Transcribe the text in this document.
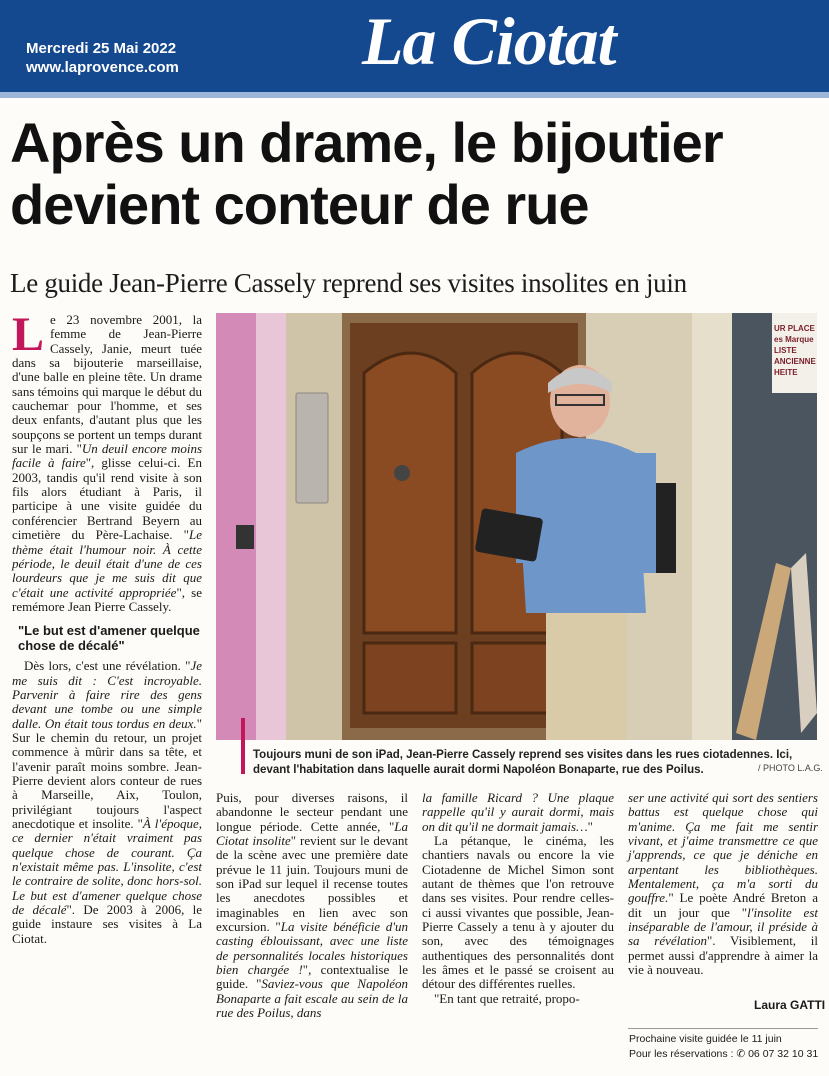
Mercredi 25 Mai 2022
www.laprovence.com	La Ciotat
Après un drame, le bijoutier devient conteur de rue
Le guide Jean-Pierre Cassely reprend ses visites insolites en juin

Le 23 novembre 2001, la femme de Jean-Pierre Cassely, Janie, meurt tuée dans sa bijouterie marseillaise, d'une balle en pleine tête. Un drame sans témoins qui marque le début du cauchemar pour l'homme, et ses deux enfants, d'autant plus que les soupçons se portent un temps durant sur le mari. "Un deuil encore moins facile à faire", glisse celui-ci. En 2003, tandis qu'il rend visite à son fils alors étudiant à Paris, il participe à une visite guidée du conférencier Bertrand Beyern au cimetière du Père-Lachaise. "Le thème était l'humour noir. À cette période, le deuil était d'une de ces lourdeurs que je me suis dit que c'était une activité appropriée", se remémore Jean Pierre Cassely.

"Le but est d'amener quelque chose de décalé"

Dès lors, c'est une révélation. "Je me suis dit : C'est incroyable. Parvenir à faire rire des gens devant une tombe ou une simple dalle. On était tous tordus en deux." Sur le chemin du retour, un projet commence à mûrir dans sa tête, et l'avenir paraît moins sombre. Jean-Pierre devient alors conteur de rues à Marseille, Aix, Toulon, privilégiant toujours l'aspect anecdotique et insolite. "À l'époque, ce dernier n'était vraiment pas quelque chose de courant. Ça n'existait même pas. L'insolite, c'est le contraire de solite, donc hors-sol. Le but est d'amener quelque chose de décalé". De 2003 à 2006, le guide instaure ses visites à La Ciotat.

Puis, pour diverses raisons, il abandonne le secteur pendant une longue période. Cette année, "La Ciotat insolite" revient sur le devant de la scène avec une première date prévue le 11 juin. Toujours muni de son iPad sur lequel il recense toutes les anecdotes possibles et imaginables en lien avec son excursion. "La visite bénéficie d'un casting éblouissant, avec une liste de personnalités locales historiques bien chargée !", contextualise le guide. "Saviez-vous que Napoléon Bonaparte a fait escale au sein de la rue des Poilus, dans

la famille Ricard ? Une plaque rappelle qu'il y aurait dormi, mais on dit qu'il ne dormait jamais…"

La pétanque, le cinéma, les chantiers navals ou encore la vie Ciotadenne de Michel Simon sont autant de thèmes que l'on retrouve dans ses visites. Pour rendre celles-ci aussi vivantes que possible, Jean-Pierre Cassely a tenu à y ajouter du son, avec des témoignages authentiques des personnalités dont les âmes et le passé se croisent au détour des différentes ruelles.

"En tant que retraité, propo-

ser une activité qui sort des sentiers battus est quelque chose qui m'anime. Ça me fait me sentir vivant, et j'aime transmettre ce que j'apprends, ce que je déniche en arpentant les bibliothèques. Mentalement, ça m'a sorti du gouffre." Le poète André Breton a dit un jour que "l'insolite est inséparable de l'amour, il préside à sa révélation". Visiblement, il permet aussi d'apprendre à aimer la vie à nouveau.

Laura GATTI
Prochaine visite guidée le 11 juin
Pour les réservations : ✆ 06 07 32 10 31
UR PLACE
es Marque
LISTE
ANCIENNE
HEITE
Toujours muni de son iPad, Jean-Pierre Cassely reprend ses visites dans les rues ciotadennes. Ici, devant l'habitation dans laquelle aurait dormi Napoléon Bonaparte, rue des Poilus.	/ PHOTO L.A.G.
